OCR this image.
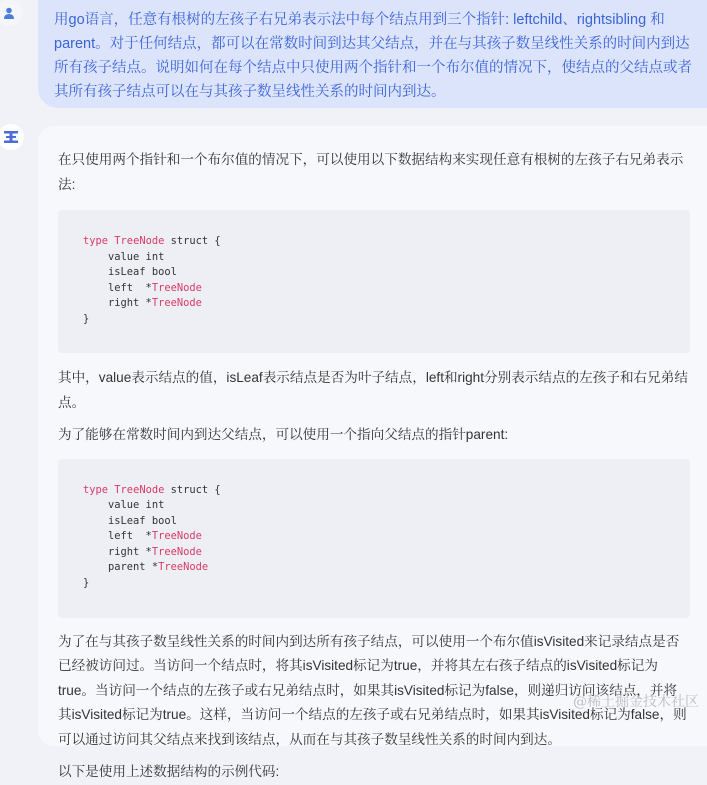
用go语言，任意有根树的左孩子右兄弟表示法中每个结点用到三个指针: leftchild、rightsibling 和parent。对于任何结点，都可以在常数时间到达其父结点，并在与其孩子数呈线性关系的时间内到达所有孩子结点。说明如何在每个结点中只使用两个指针和一个布尔值的情况下，使结点的父结点或者其所有孩子结点可以在与其孩子数呈线性关系的时间内到达。

在只使用两个指针和一个布尔值的情况下，可以使用以下数据结构来实现任意有根树的左孩子右兄弟表示法:

type TreeNode struct {
value int
isLeaf bool
left  *TreeNode
right *TreeNode
}

其中，value表示结点的值，isLeaf表示结点是否为叶子结点，left和right分别表示结点的左孩子和右兄弟结点。

为了能够在常数时间内到达父结点，可以使用一个指向父结点的指针parent:

type TreeNode struct {
value int
isLeaf bool
left  *TreeNode
right *TreeNode
parent *TreeNode
}

为了在与其孩子数呈线性关系的时间内到达所有孩子结点，可以使用一个布尔值isVisited来记录结点是否已经被访问过。当访问一个结点时，将其isVisited标记为true，并将其左右孩子结点的isVisited标记为true。当访问一个结点的左孩子或右兄弟结点时，如果其isVisited标记为false，则递归访问该结点，并将其isVisited标记为true。这样，当访问一个结点的左孩子或右兄弟结点时，如果其isVisited标记为false，则可以通过访问其父结点来找到该结点，从而在与其孩子数呈线性关系的时间内到达。

以下是使用上述数据结构的示例代码:

@稀土掘金技术社区
